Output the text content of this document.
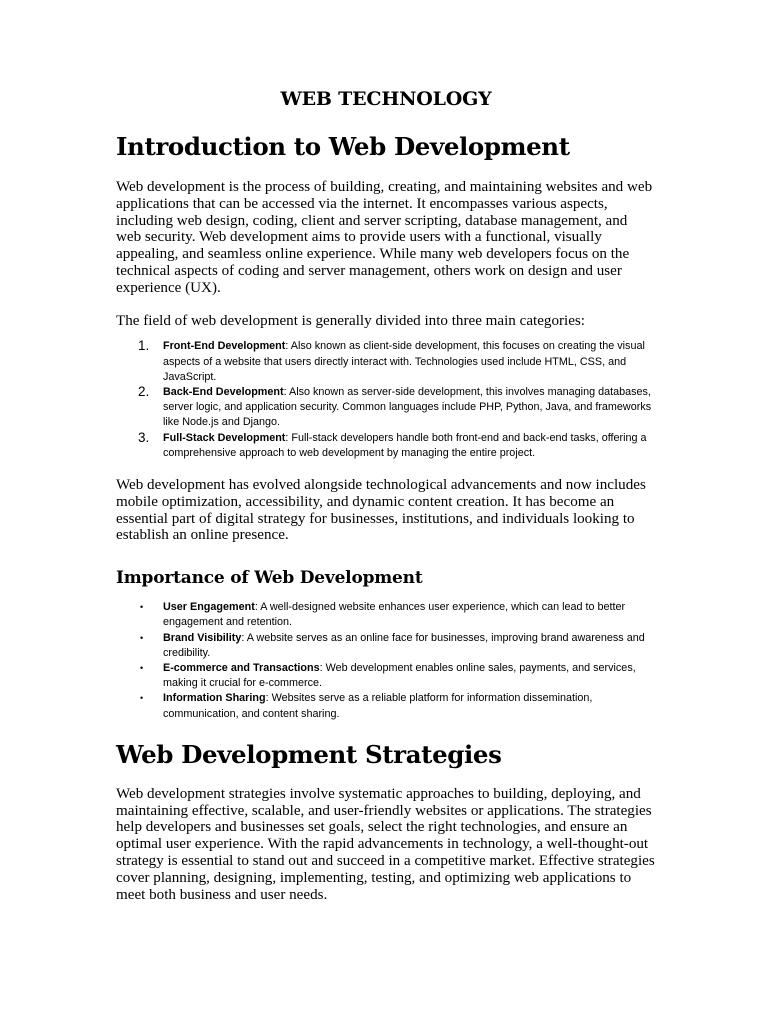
WEB TECHNOLOGY
Introduction to Web Development

Web development is the process of building, creating, and maintaining websites and web applications that can be accessed via the internet. It encompasses various aspects, including web design, coding, client and server scripting, database management, and web security. Web development aims to provide users with a functional, visually appealing, and seamless online experience. While many web developers focus on the technical aspects of coding and server management, others work on design and user experience (UX).

The field of web development is generally divided into three main categories:

1. Front-End Development: Also known as client-side development, this focuses on creating the visual aspects of a website that users directly interact with. Technologies used include HTML, CSS, and JavaScript.
2. Back-End Development: Also known as server-side development, this involves managing databases, server logic, and application security. Common languages include PHP, Python, Java, and frameworks like Node.js and Django.
3. Full-Stack Development: Full-stack developers handle both front-end and back-end tasks, offering a comprehensive approach to web development by managing the entire project.

Web development has evolved alongside technological advancements and now includes mobile optimization, accessibility, and dynamic content creation. It has become an essential part of digital strategy for businesses, institutions, and individuals looking to establish an online presence.

Importance of Web Development
• User Engagement: A well-designed website enhances user experience, which can lead to better engagement and retention.
• Brand Visibility: A website serves as an online face for businesses, improving brand awareness and credibility.
• E-commerce and Transactions: Web development enables online sales, payments, and services, making it crucial for e-commerce.
• Information Sharing: Websites serve as a reliable platform for information dissemination, communication, and content sharing.
Web Development Strategies

Web development strategies involve systematic approaches to building, deploying, and maintaining effective, scalable, and user-friendly websites or applications. The strategies help developers and businesses set goals, select the right technologies, and ensure an optimal user experience. With the rapid advancements in technology, a well-thought-out strategy is essential to stand out and succeed in a competitive market. Effective strategies cover planning, designing, implementing, testing, and optimizing web applications to meet both business and user needs.
